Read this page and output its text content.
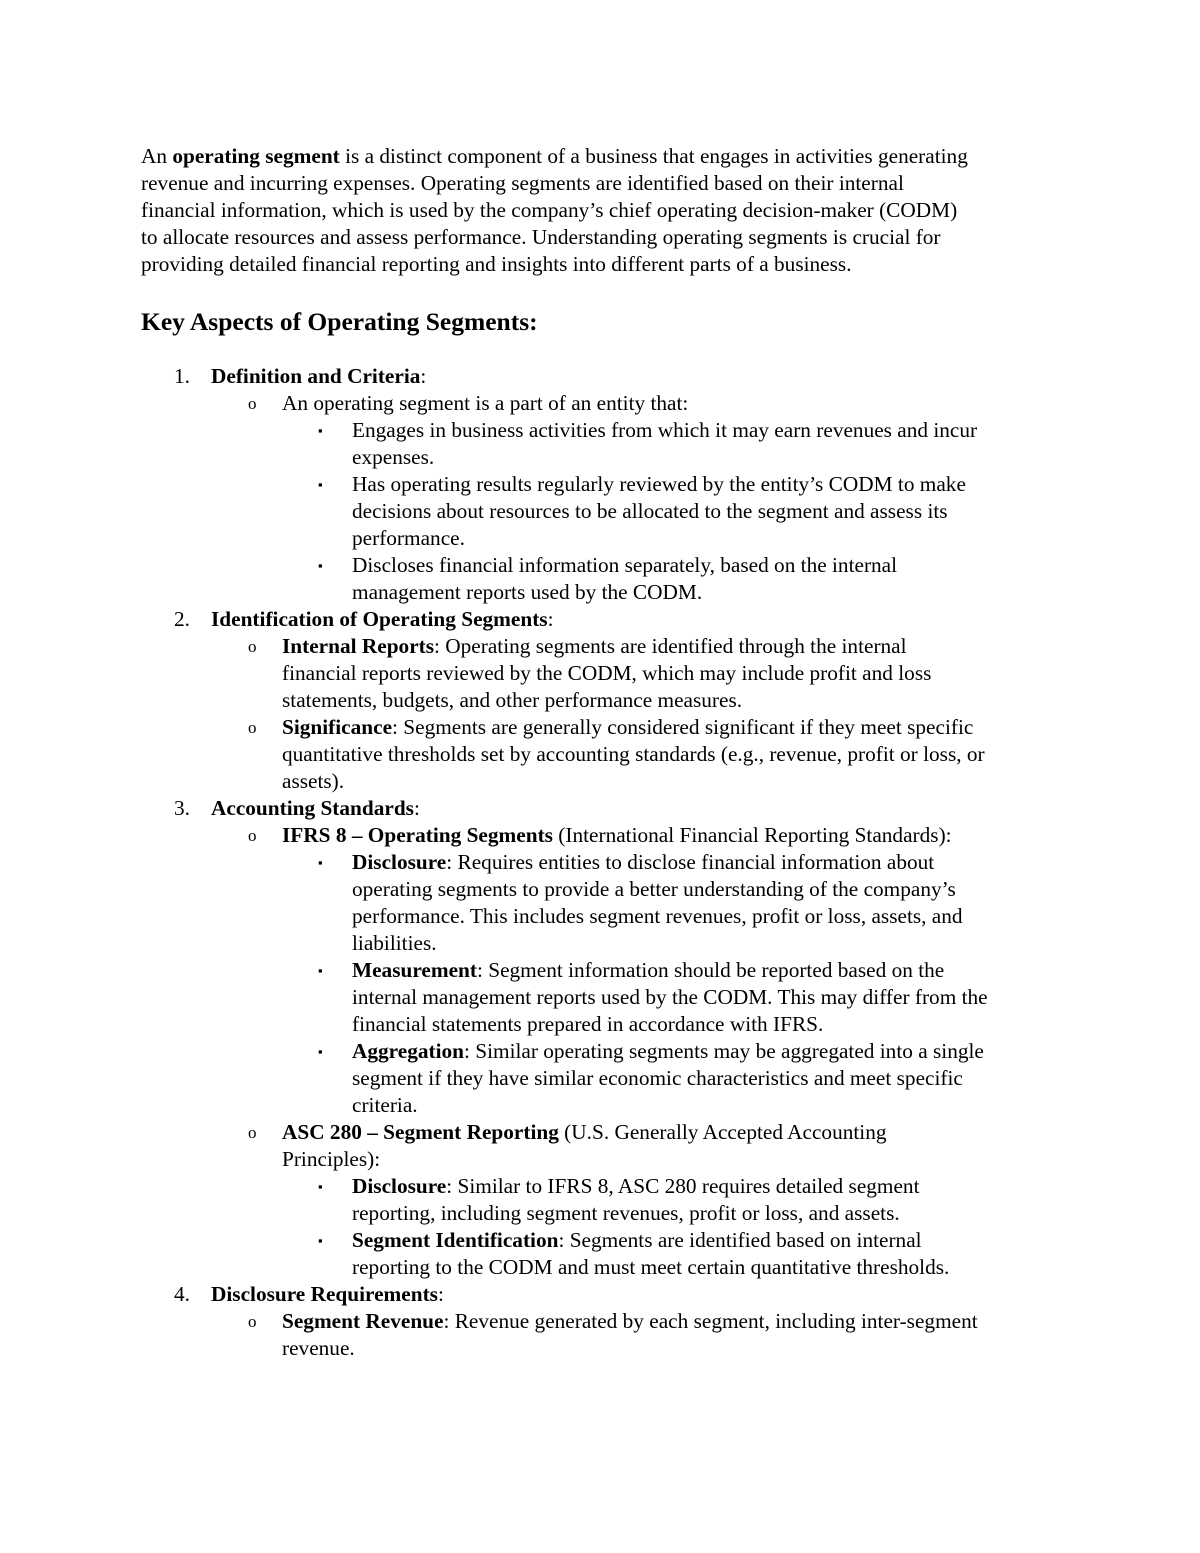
An operating segment is a distinct component of a business that engages in activities generating
revenue and incurring expenses. Operating segments are identified based on their internal
financial information, which is used by the company’s chief operating decision-maker (CODM)
to allocate resources and assess performance. Understanding operating segments is crucial for
providing detailed financial reporting and insights into different parts of a business.

Key Aspects of Operating Segments:
1. Definition and Criteria:
o An operating segment is a part of an entity that:
▪ Engages in business activities from which it may earn revenues and incur
expenses.
▪ Has operating results regularly reviewed by the entity’s CODM to make
decisions about resources to be allocated to the segment and assess its
performance.
▪ Discloses financial information separately, based on the internal
management reports used by the CODM.
2. Identification of Operating Segments:
o Internal Reports: Operating segments are identified through the internal
financial reports reviewed by the CODM, which may include profit and loss
statements, budgets, and other performance measures.
o Significance: Segments are generally considered significant if they meet specific
quantitative thresholds set by accounting standards (e.g., revenue, profit or loss, or
assets).
3. Accounting Standards:
o IFRS 8 – Operating Segments (International Financial Reporting Standards):
▪ Disclosure: Requires entities to disclose financial information about
operating segments to provide a better understanding of the company’s
performance. This includes segment revenues, profit or loss, assets, and
liabilities.
▪ Measurement: Segment information should be reported based on the
internal management reports used by the CODM. This may differ from the
financial statements prepared in accordance with IFRS.
▪ Aggregation: Similar operating segments may be aggregated into a single
segment if they have similar economic characteristics and meet specific
criteria.
o ASC 280 – Segment Reporting (U.S. Generally Accepted Accounting
Principles):
▪ Disclosure: Similar to IFRS 8, ASC 280 requires detailed segment
reporting, including segment revenues, profit or loss, and assets.
▪ Segment Identification: Segments are identified based on internal
reporting to the CODM and must meet certain quantitative thresholds.
4. Disclosure Requirements:
o Segment Revenue: Revenue generated by each segment, including inter-segment
revenue.
